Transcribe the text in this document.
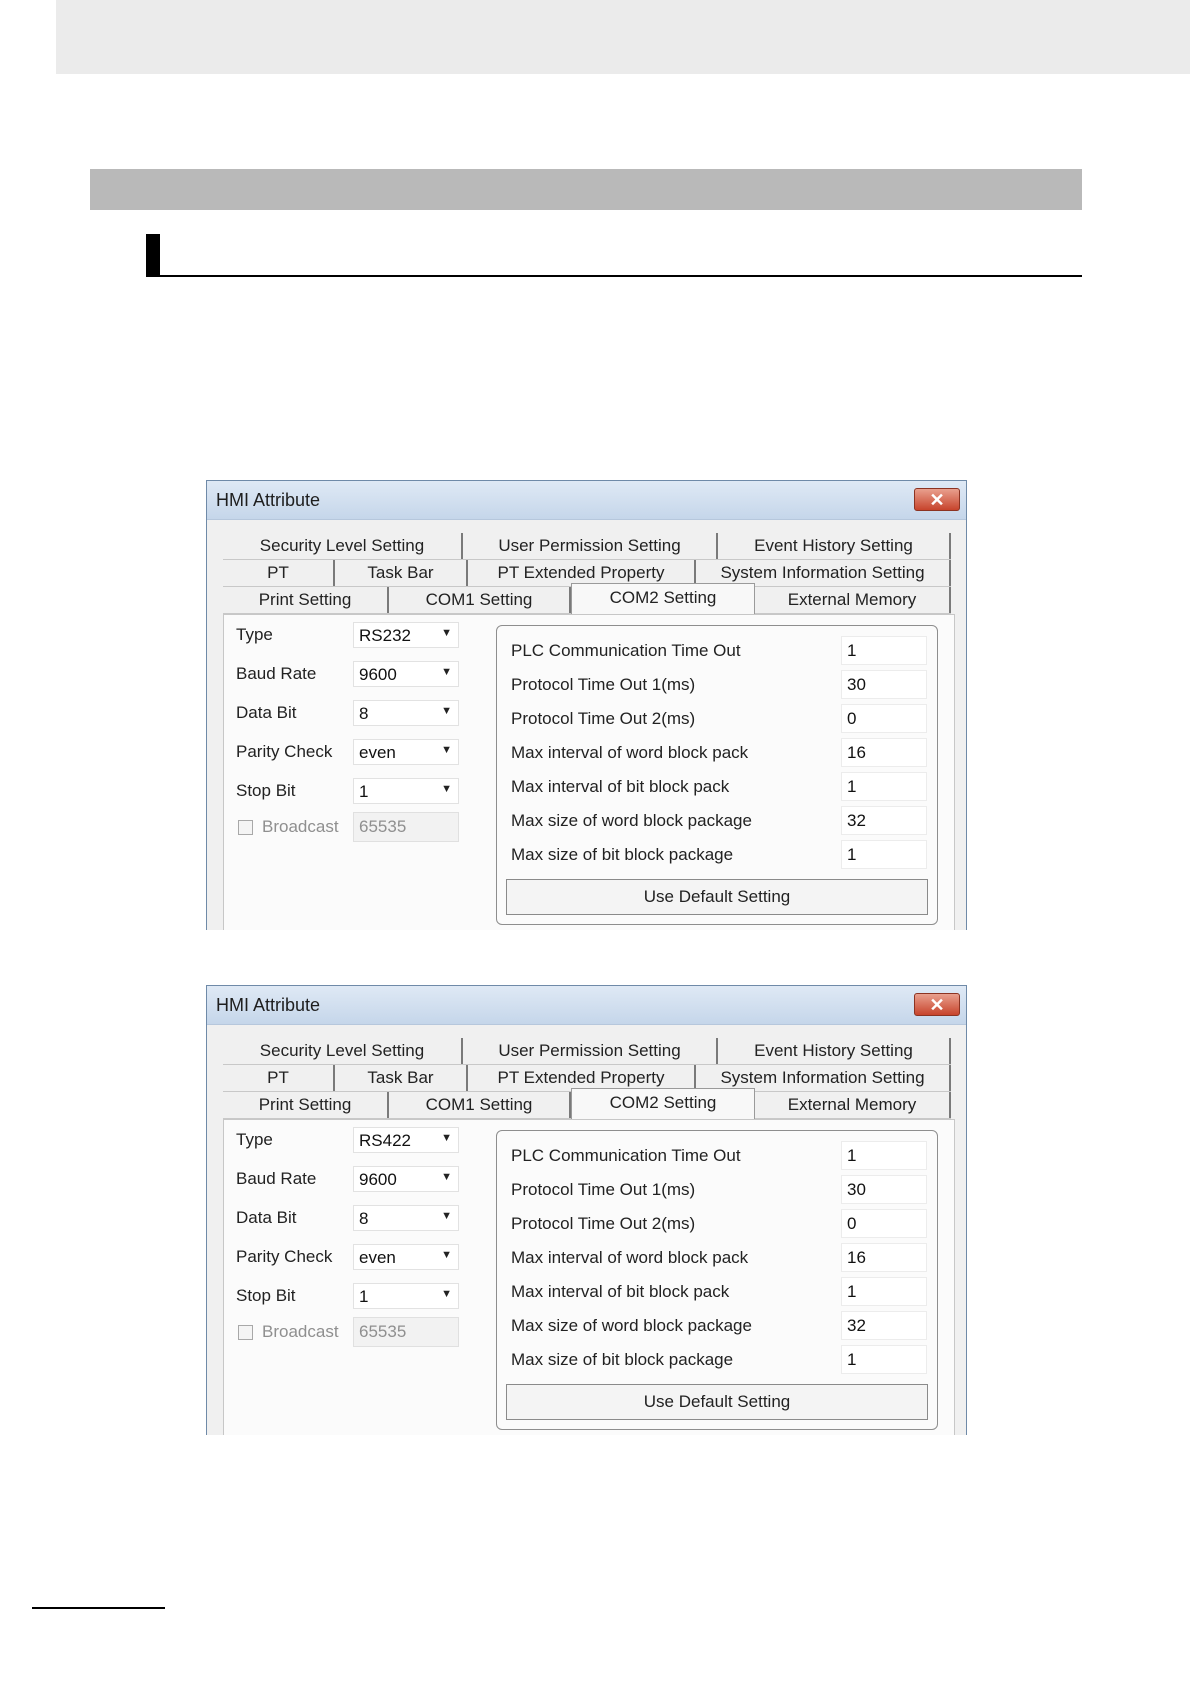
HMI Attribute	✕
Security Level Setting	User Permission Setting	Event History Setting
PT	Task Bar	PT Extended Property	System Information Setting
Print Setting	COM1 Setting	COM2 Setting	External Memory
Type	RS232	▼
Baud Rate	9600	▼
Data Bit	8	▼
Parity Check even	▼
Stop Bit	1	▼
Broadcast 65535
PLC Communication Time Out	1
Protocol Time Out 1(ms)	30
Protocol Time Out 2(ms)	0
Max interval of word block pack	16
Max interval of bit block pack	1
Max size of word block package	32
Max size of bit block package	1
Use Default Setting
HMI Attribute	✕
Security Level Setting	User Permission Setting	Event History Setting
PT	Task Bar	PT Extended Property	System Information Setting
Print Setting	COM1 Setting	COM2 Setting	External Memory
Type	RS422	▼
Baud Rate	9600	▼
Data Bit	8	▼
Parity Check even	▼
Stop Bit	1	▼
Broadcast 65535
PLC Communication Time Out	1
Protocol Time Out 1(ms)	30
Protocol Time Out 2(ms)	0
Max interval of word block pack	16
Max interval of bit block pack	1
Max size of word block package	32
Max size of bit block package	1
Use Default Setting
